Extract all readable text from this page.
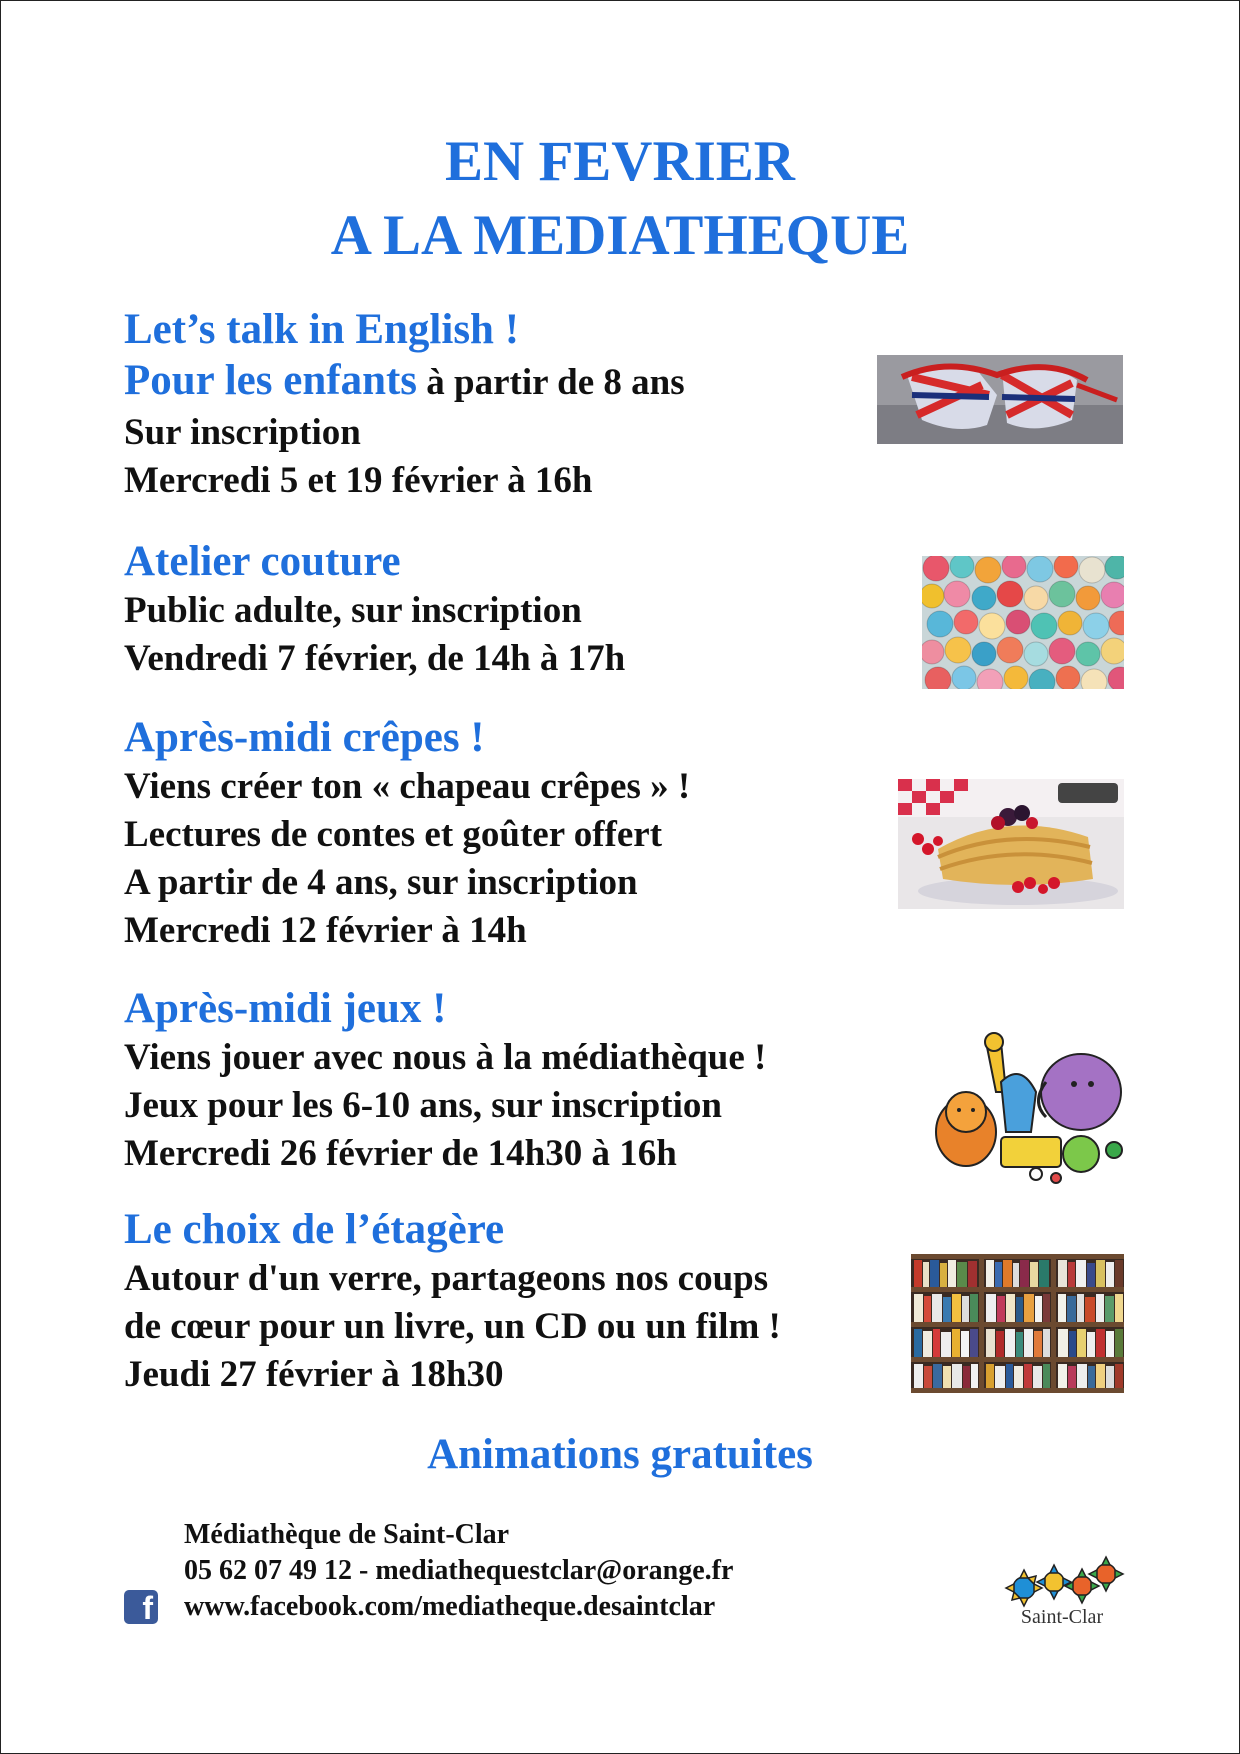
EN FEVRIER
A LA MEDIATHEQUE
Let’s talk in English !
Pour les enfants à partir de 8 ans
Sur inscription
Mercredi 5 et 19 février à 16h
Atelier couture
Public adulte, sur inscription
Vendredi 7 février, de 14h à 17h
Après-midi crêpes !
Viens créer ton « chapeau crêpes » !
Lectures de contes et goûter offert
A partir de 4 ans, sur inscription
Mercredi 12 février à 14h
Après-midi jeux !
Viens jouer avec nous à la médiathèque !
Jeux pour les 6-10 ans, sur inscription
Mercredi 26 février de 14h30 à 16h
Le choix de l’étagère
Autour d'un verre, partageons nos coups
de cœur pour un livre, un CD ou un film !
Jeudi 27 février à 18h30
Animations gratuites
Médiathèque de Saint-Clar
05 62 07 49 12 - mediathequestclar@orange.fr
www.facebook.com/mediatheque.desaintclar
f	Saint-Clar
